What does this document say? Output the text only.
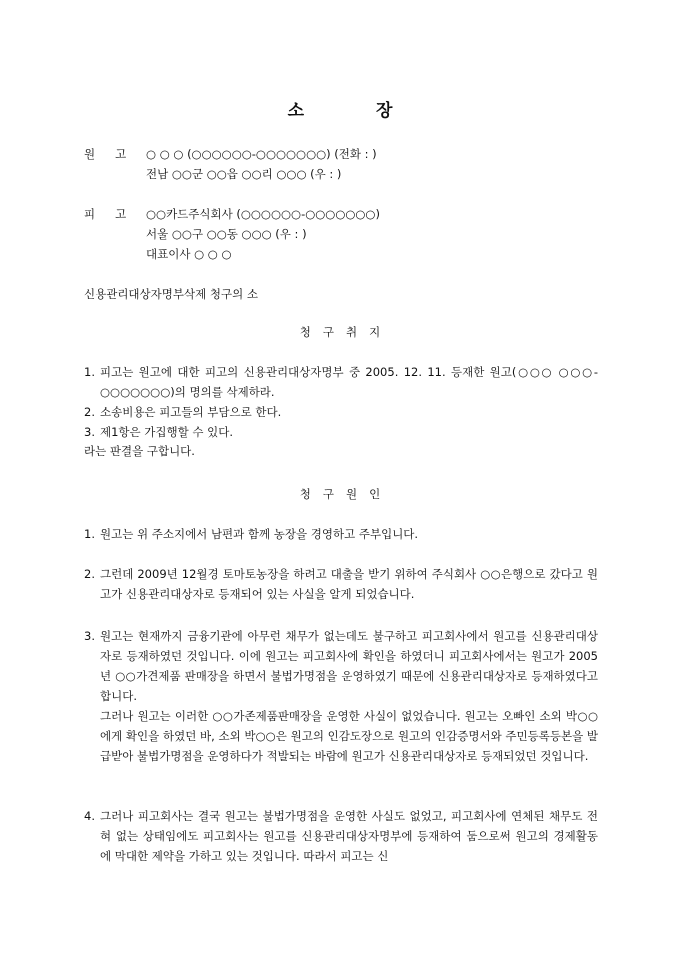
소	장
원 고 ○ ○ ○ (○○○○○○-○○○○○○○) (전화 : )
전남 ○○군 ○○읍 ○○리 ○○○ (우 : )
피 고 ○○카드주식회사 (○○○○○○-○○○○○○○)
서울 ○○구 ○○동 ○○○ (우 : )
대표이사 ○ ○ ○
신용관리대상자명부삭제 청구의 소
청 구 취 지
1. 피고는 원고에 대한 피고의 신용관리대상자명부 중 2005. 12. 11. 등재한 원고(○○○ ○○○-○○○○○○○)의 명의를 삭제하라.
2. 소송비용은 피고들의 부담으로 한다.
3. 제1항은 가집행할 수 있다.
라는 판결을 구합니다.
청 구 원 인
1. 원고는 위 주소지에서 남편과 함께 농장을 경영하고 주부입니다.
2. 그런데 2009년 12월경 토마토농장을 하려고 대출을 받기 위하여 주식회사 ○○은행으로 갔다고 원고가 신용관리대상자로 등재되어 있는 사실을 알게 되었습니다.
3. 원고는 현재까지 금융기관에 아무런 채무가 없는데도 불구하고 피고회사에서 원고를 신용관리대상자로 등재하였던 것입니다. 이에 원고는 피고회사에 확인을 하였더니 피고회사에서는 원고가 2005년 ○○가견제품 판매장을 하면서 불법가명점을 운영하였기 때문에 신용관리대상자로 등재하였다고 합니다.
그러나 원고는 이러한 ○○가존제품판매장을 운영한 사실이 없었습니다. 원고는 오빠인 소외 박○○에게 확인을 하였던 바, 소외 박○○은 원고의 인감도장으로 원고의 인감증명서와 주민등록등본을 발급받아 불법가명점을 운영하다가 적발되는 바람에 원고가 신용관리대상자로 등재되었던 것입니다.
4. 그러나 피고회사는 결국 원고는 불법가명점을 운영한 사실도 없었고, 피고회사에 연체된 채무도 전혀 없는 상태임에도 피고회사는 원고를 신용관리대상자명부에 등재하여 둠으로써 원고의 경제활동에 막대한 제약을 가하고 있는 것입니다. 따라서 피고는 신
